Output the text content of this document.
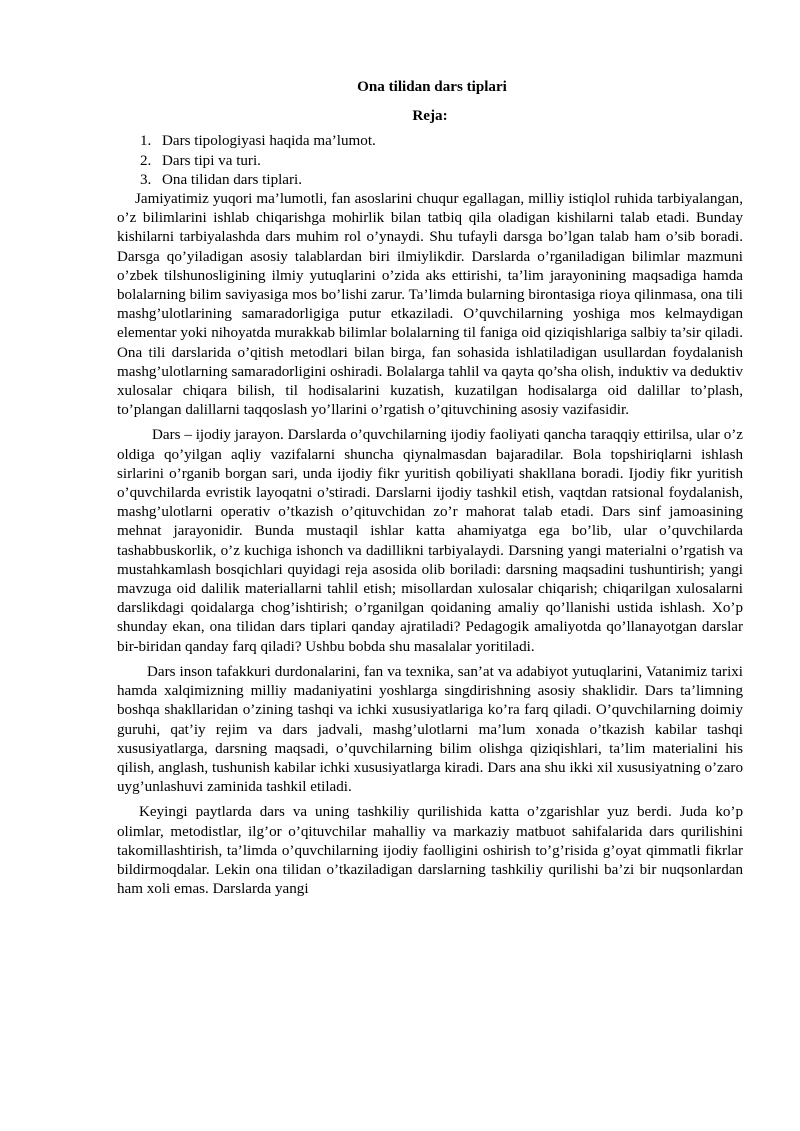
Ona tilidan dars tiplari

Reja:

1. Dars tipologiyasi haqida ma’lumot.
2. Dars tipi va turi.
3. Ona tilidan dars tiplari.

Jamiyatimiz yuqori ma’lumotli, fan asoslarini chuqur egallagan, milliy istiqlol ruhida tarbiyalangan, o’z bilimlarini ishlab chiqarishga mohirlik bilan tatbiq qila oladigan kishilarni talab etadi. Bunday kishilarni tarbiyalashda dars muhim rol o’ynaydi. Shu tufayli darsga bo’lgan talab ham o’sib boradi. Darsga qo’yiladigan asosiy talablardan biri ilmiylikdir. Darslarda o’rganiladigan bilimlar mazmuni o’zbek tilshunosligining ilmiy yutuqlarini o’zida aks ettirishi, ta’lim jarayonining maqsadiga hamda bolalarning bilim saviyasiga mos bo’lishi zarur. Ta’limda bularning birontasiga rioya qilinmasa, ona tili mashg’ulotlarining samaradorligiga putur etkaziladi. O’quvchilarning yoshiga mos kelmaydigan elementar yoki nihoyatda murakkab bilimlar bolalarning til faniga oid qiziqishlariga salbiy ta’sir qiladi. Ona tili darslarida o’qitish metodlari bilan birga, fan sohasida ishlatiladigan usullardan foydalanish mashg’ulotlarning samaradorligini oshiradi. Bolalarga tahlil va qayta qo’sha olish, induktiv va deduktiv xulosalar chiqara bilish, til hodisalarini kuzatish, kuzatilgan hodisalarga oid dalillar to’plash, to’plangan dalillarni taqqoslash yo’llarini o’rgatish o’qituvchining asosiy vazifasidir.

Dars – ijodiy jarayon. Darslarda o’quvchilarning ijodiy faoliyati qancha taraqqiy ettirilsa, ular o’z oldiga qo’yilgan aqliy vazifalarni shuncha qiynalmasdan bajaradilar. Bola topshiriqlarni ishlash sirlarini o’rganib borgan sari, unda ijodiy fikr yuritish qobiliyati shakllana boradi. Ijodiy fikr yuritish o’quvchilarda evristik layoqatni o’stiradi. Darslarni ijodiy tashkil etish, vaqtdan ratsional foydalanish, mashg’ulotlarni operativ o’tkazish o’qituvchidan zo’r mahorat talab etadi. Dars sinf jamoasining mehnat jarayonidir. Bunda mustaqil ishlar katta ahamiyatga ega bo’lib, ular o’quvchilarda tashabbuskorlik, o’z kuchiga ishonch va dadillikni tarbiyalaydi. Darsning yangi materialni o’rgatish va mustahkamlash bosqichlari quyidagi reja asosida olib boriladi: darsning maqsadini tushuntirish; yangi mavzuga oid dalilik materiallarni tahlil etish; misollardan xulosalar chiqarish; chiqarilgan xulosalarni darslikdagi qoidalarga chog’ishtirish; o’rganilgan qoidaning amaliy qo’llanishi ustida ishlash. Xo’p shunday ekan, ona tilidan dars tiplari qanday ajratiladi? Pedagogik amaliyotda qo’llanayotgan darslar bir-biridan qanday farq qiladi? Ushbu bobda shu masalalar yoritiladi.

Dars inson tafakkuri durdonalarini, fan va texnika, san’at va adabiyot yutuqlarini, Vatanimiz tarixi hamda xalqimizning milliy madaniyatini yoshlarga singdirishning asosiy shaklidir. Dars ta’limning boshqa shakllaridan o’zining tashqi va ichki xususiyatlariga ko’ra farq qiladi. O’quvchilarning doimiy guruhi, qat’iy rejim va dars jadvali, mashg’ulotlarni ma’lum xonada o’tkazish kabilar tashqi xususiyatlarga, darsning maqsadi, o’quvchilarning bilim olishga qiziqishlari, ta’lim materialini his qilish, anglash, tushunish kabilar ichki xususiyatlarga kiradi. Dars ana shu ikki xil xususiyatning o’zaro uyg’unlashuvi zaminida tashkil etiladi.

Keyingi paytlarda dars va uning tashkiliy qurilishida katta o’zgarishlar yuz berdi. Juda ko’p olimlar, metodistlar, ilg’or o’qituvchilar mahalliy va markaziy matbuot sahifalarida dars qurilishini takomillashtirish, ta’limda o’quvchilarning ijodiy faolligini oshirish to’g’risida g’oyat qimmatli fikrlar bildirmoqdalar. Lekin ona tilidan o’tkaziladigan darslarning tashkiliy qurilishi ba’zi bir nuqsonlardan ham xoli emas. Darslarda yangi
